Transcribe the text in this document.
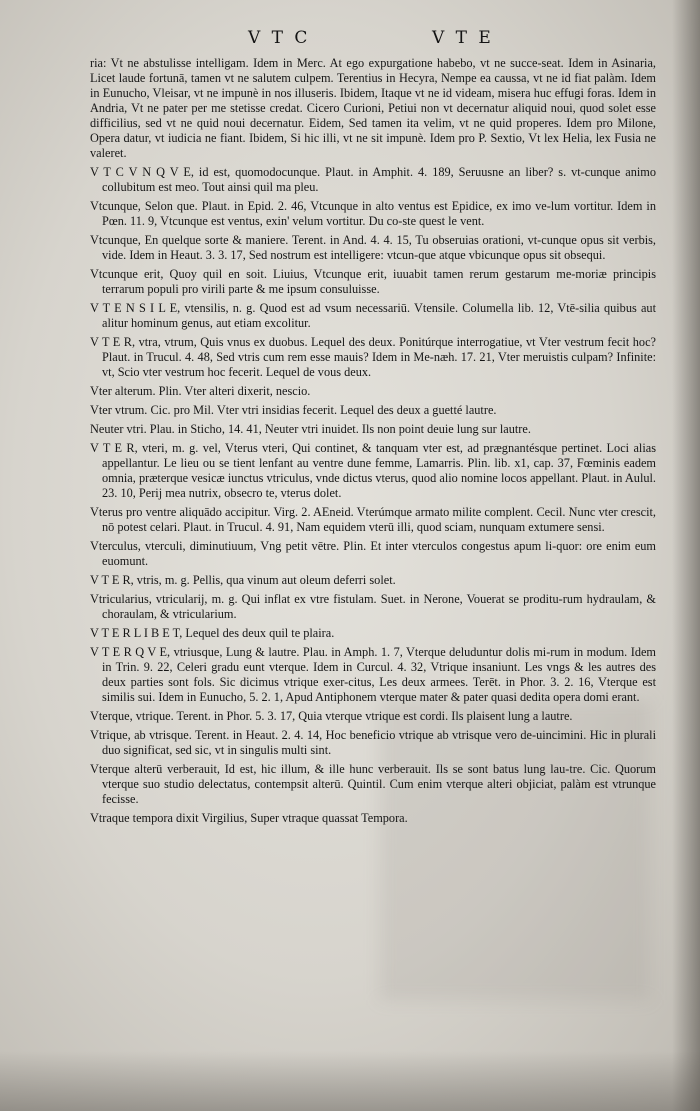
V T C	V T E

ria: Vt ne abstulisse intelligam. Idem in Merc. At ego expurgatione habebo, vt ne succe-seat. Idem in Asinaria, Licet laude fortunā, tamen vt ne salutem culpem. Terentius in Hecyra, Nempe ea caussa, vt ne id fiat palàm. Idem in Eunucho, Vleisar, vt ne impunè in nos illuseris. Ibidem, Itaque vt ne id videam, misera huc effugi foras. Idem in Andria, Vt ne pater per me stetisse credat. Cicero Curioni, Petiui non vt decernatur aliquid noui, quod solet esse difficilius, sed vt ne quid noui decernatur. Eidem, Sed tamen ita velim, vt ne quid properes. Idem pro Milone, Opera datur, vt iudicia ne fiant. Ibidem, Si hic illi, vt ne sit impunè. Idem pro P. Sextio, Vt lex Helia, lex Fusia ne valeret.

V T C V N Q V E, id est, quomodocunque. Plaut. in Amphit. 4. 189, Seruusne an liber? s. vt-cunque animo collubitum est meo. Tout ainsi quil ma pleu.

Vtcunque, Selon que. Plaut. in Epid. 2. 46, Vtcunque in alto ventus est Epidice, ex imo ve-lum vortitur. Idem in Pœn. 11. 9, Vtcunque est ventus, exin' velum vortitur. Du co-ste quest le vent.

Vtcunque, En quelque sorte & maniere. Terent. in And. 4. 4. 15, Tu obseruias orationi, vt-cunque opus sit verbis, vide. Idem in Heaut. 3. 3. 17, Sed nostrum est intelligere: vtcun-que atque vbicunque opus sit obsequi.

Vtcunque erit, Quoy quil en soit. Liuius, Vtcunque erit, iuuabit tamen rerum gestarum me-moriæ principis terrarum populi pro virili parte & me ipsum consuluisse.

V T E N S I L E, vtensilis, n. g. Quod est ad vsum necessariū. Vtensile. Columella lib. 12, Vtē-silia quibus aut alitur hominum genus, aut etiam excolitur.

V T E R, vtra, vtrum, Quis vnus ex duobus. Lequel des deux. Ponitúrque interrogatiue, vt Vter vestrum fecit hoc? Plaut. in Trucul. 4. 48, Sed vtris cum rem esse mauis? Idem in Me-næh. 17. 21, Vter meruistis culpam? Infinite: vt, Scio vter vestrum hoc fecerit. Lequel de vous deux.

Vter alterum. Plin. Vter alteri dixerit, nescio.

Vter vtrum. Cic. pro Mil. Vter vtri insidias fecerit. Lequel des deux a guetté lautre.

Neuter vtri. Plau. in Sticho, 14. 41, Neuter vtri inuidet. Ils non point deuie lung sur lautre.

V T E R, vteri, m. g. vel, Vterus vteri, Qui continet, & tanquam vter est, ad prægnantésque pertinet. Loci alias appellantur. Le lieu ou se tient lenfant au ventre dune femme, Lamarris. Plin. lib. x1, cap. 37, Fœminis eadem omnia, præterque vesicæ iunctus vtriculus, vnde dictus vterus, quod alio nomine locos appellant. Plaut. in Aulul. 23. 10, Perij mea nutrix, obsecro te, vterus dolet.

Vterus pro ventre aliquādo accipitur. Virg. 2. AEneid. Vterúmque armato milite complent. Cecil. Nunc vter crescit, nō potest celari. Plaut. in Trucul. 4. 91, Nam equidem vterū illi, quod sciam, nunquam extumere sensi.

Vterculus, vterculi, diminutiuum, Vng petit vētre. Plin. Et inter vterculos congestus apum li-quor: ore enim eum euomunt.

V T E R, vtris, m. g. Pellis, qua vinum aut oleum deferri solet.

Vtricularius, vtricularij, m. g. Qui inflat ex vtre fistulam. Suet. in Nerone, Vouerat se proditu-rum hydraulam, & choraulam, & vtricularium.

V T E R L I B E T, Lequel des deux quil te plaira.

V T E R Q V E, vtriusque, Lung & lautre. Plau. in Amph. 1. 7, Vterque deluduntur dolis mi-rum in modum. Idem in Trin. 9. 22, Celeri gradu eunt vterque. Idem in Curcul. 4. 32, Vtrique insaniunt. Les vngs & les autres des deux parties sont fols. Sic dicimus vtrique exer-citus, Les deux armees. Terēt. in Phor. 3. 2. 16, Vterque est similis sui. Idem in Eunucho, 5. 2. 1, Apud Antiphonem vterque mater & pater quasi dedita opera domi erant.

Vterque, vtrique. Terent. in Phor. 5. 3. 17, Quia vterque vtrique est cordi. Ils plaisent lung a lautre.

Vtrique, ab vtrisque. Terent. in Heaut. 2. 4. 14, Hoc beneficio vtrique ab vtrisque vero de-uincimini. Hic in plurali duo significat, sed sic, vt in singulis multi sint.

Vterque alterū verberauit, Id est, hic illum, & ille hunc verberauit. Ils se sont batus lung lau-tre. Cic. Quorum vterque suo studio delectatus, contempsit alterū. Quintil. Cum enim vterque alteri objiciat, palàm est vtrunque fecisse.

Vtraque tempora dixit Virgilius, Super vtraque quassat Tempora.
